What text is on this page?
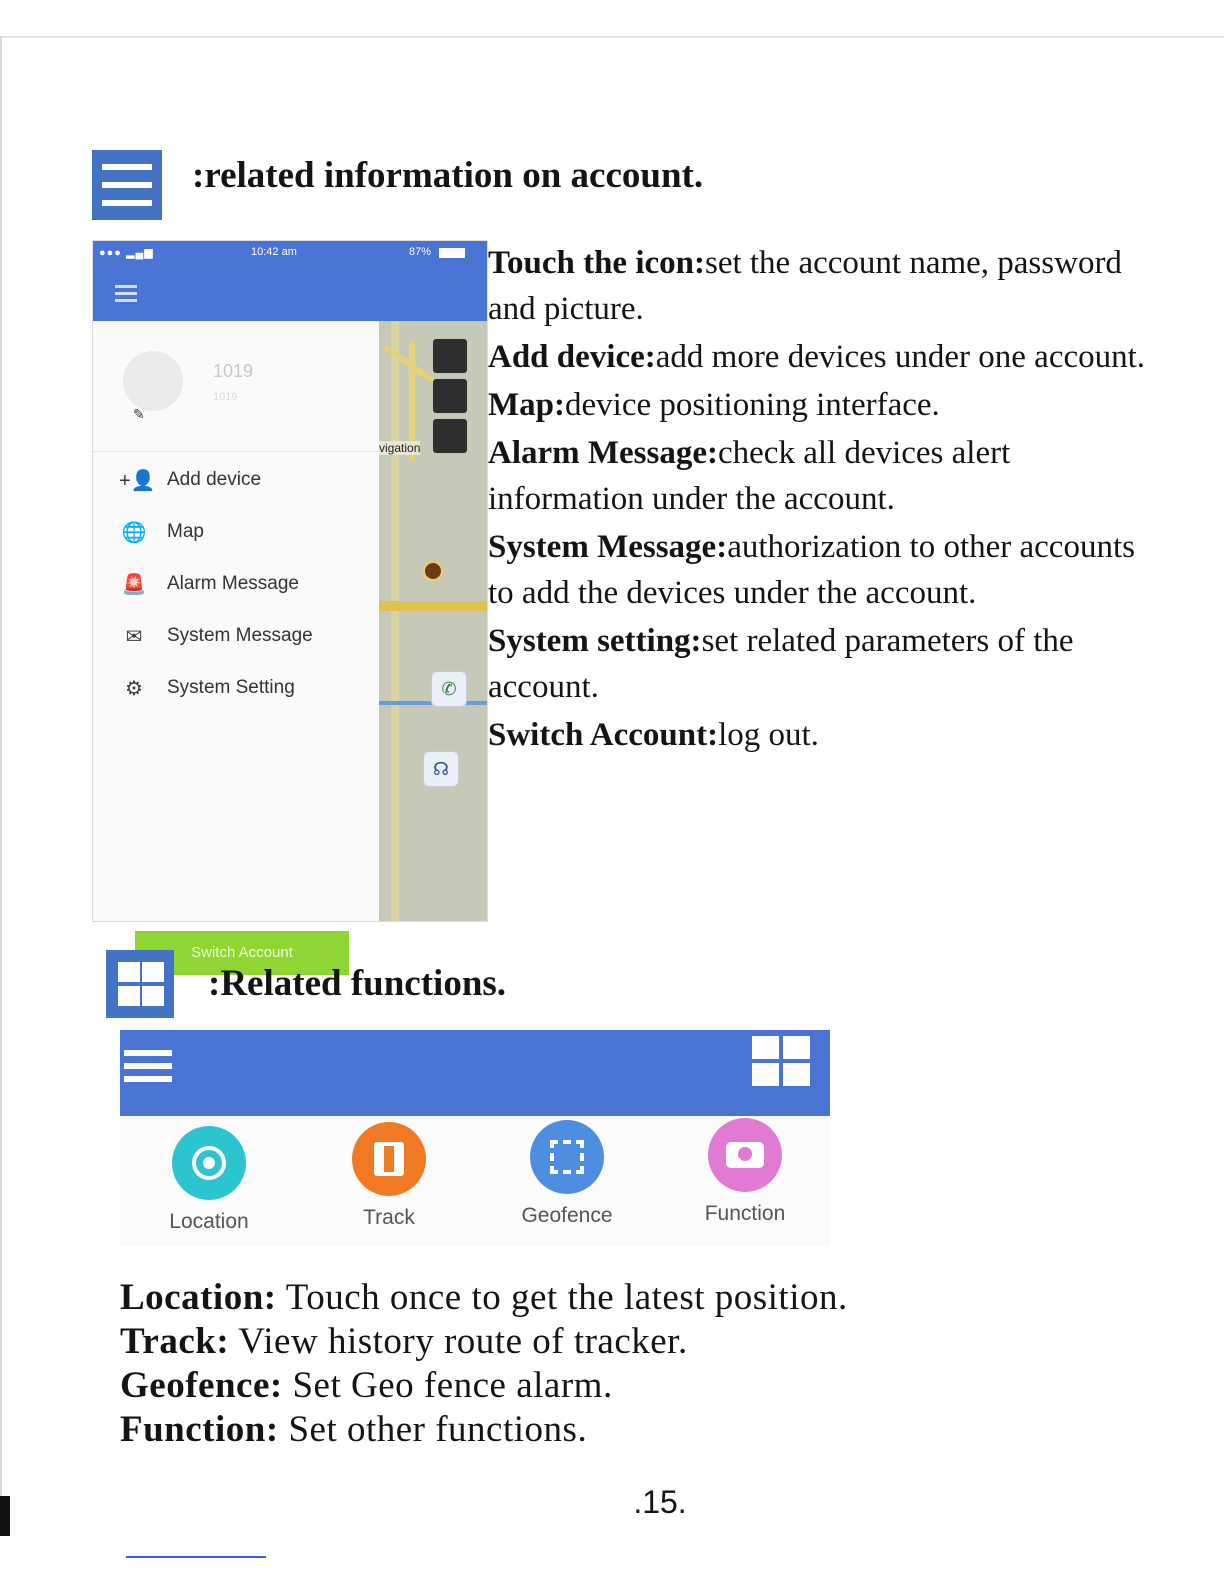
:related information on account.
●●● ▂▄▆	10:42 am	87%
vigation
✆
☊
1019
1019
✎
+👤 Add device
🌐 Map
🚨 Alarm Message
✉	System Message
⚙	System Setting
Switch Account

Touch the icon:set the account name, password and picture.

Add device:add more devices under one account.

Map:device positioning interface.

Alarm Message:check all devices alert information under the account.

System Message:authorization to other accounts to add the devices under the account.

System setting:set related parameters of the account.

Switch Account:log out.

:Related functions.
Location	Track	Geofence	Function

Location: Touch once to get the latest position.

Track: View history route of tracker.

Geofence: Set Geo fence alarm.

Function: Set other functions.

.15.
